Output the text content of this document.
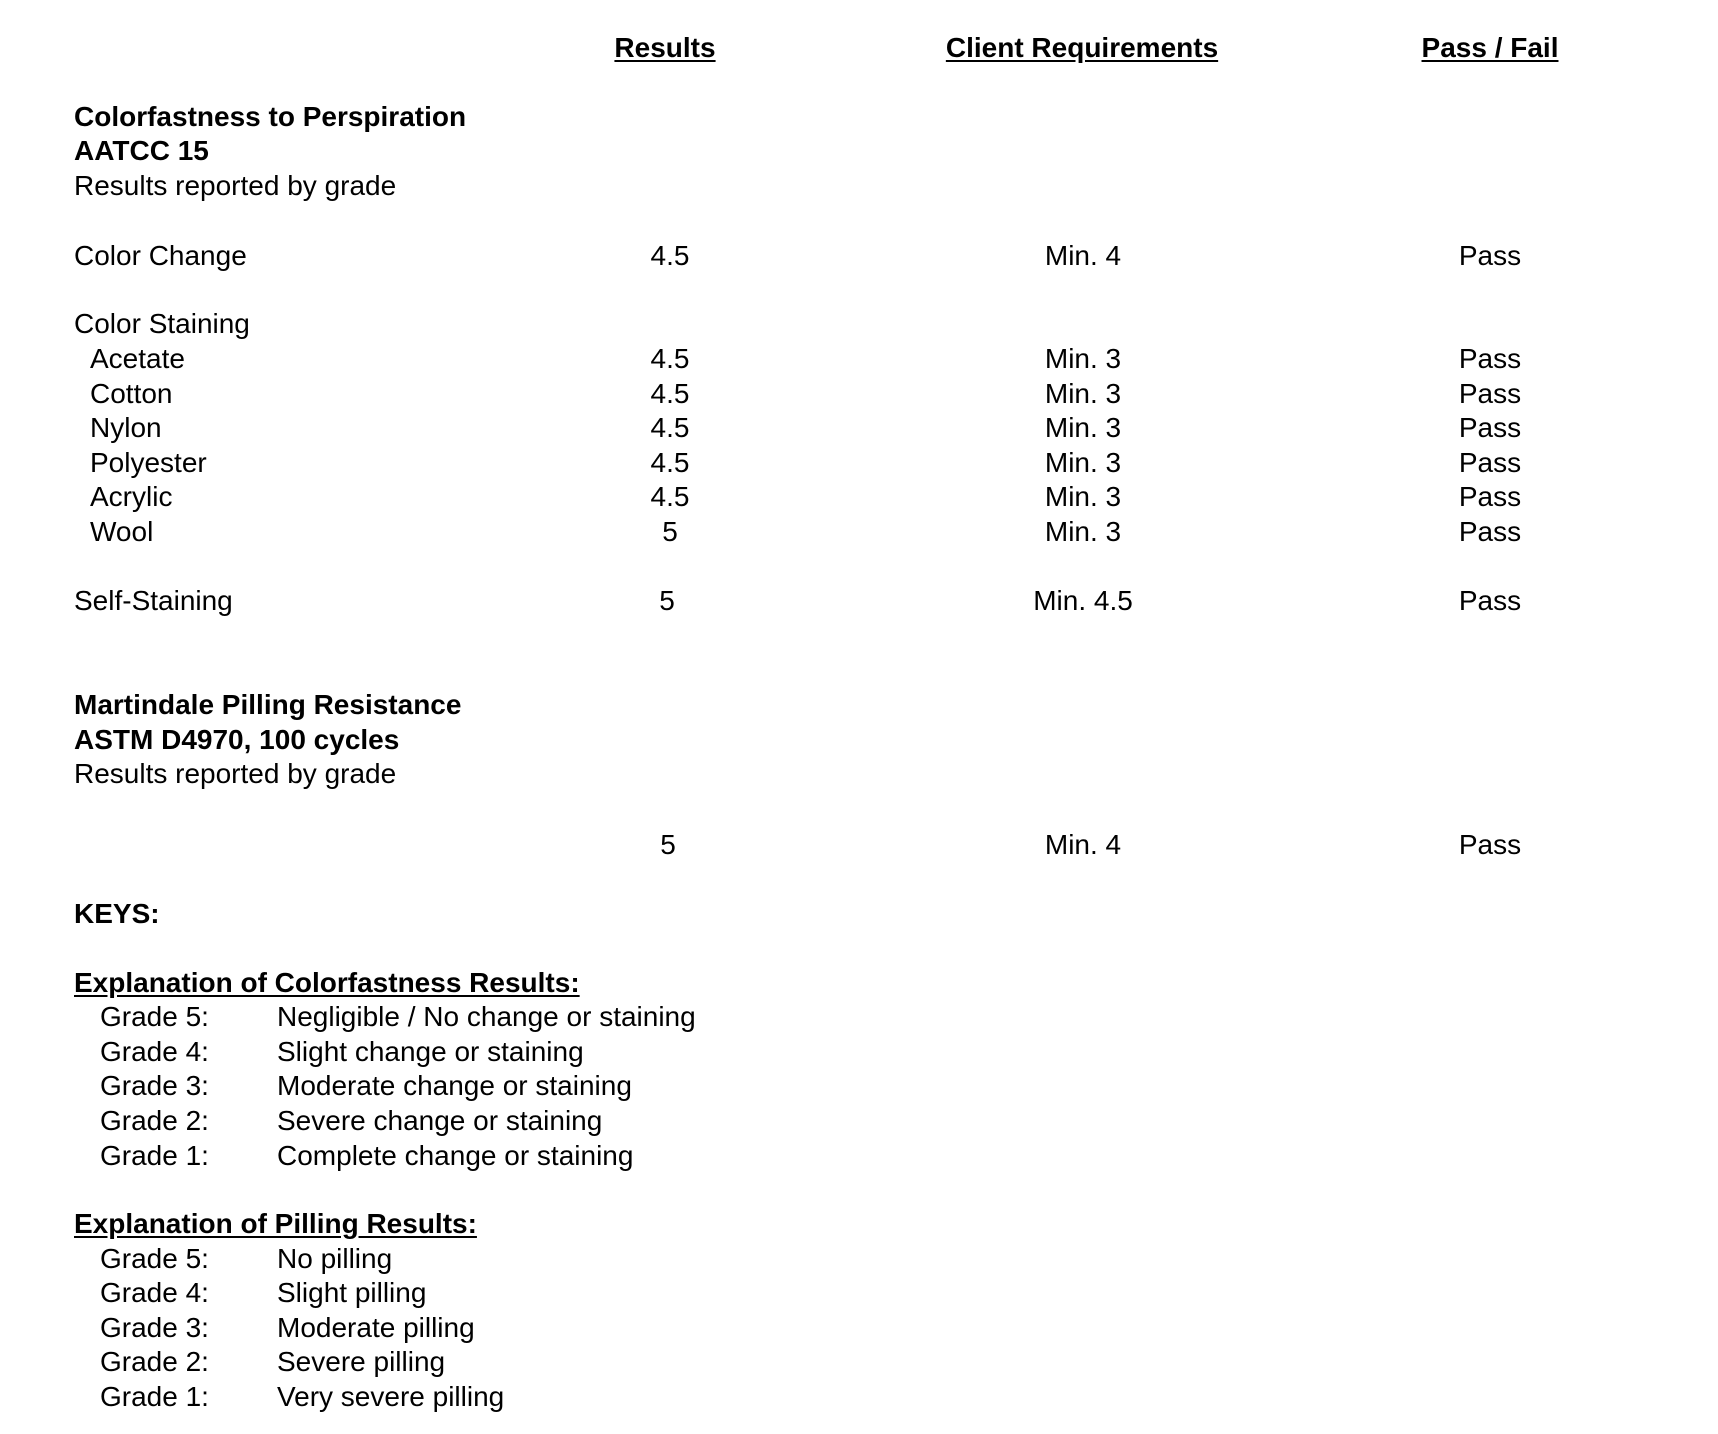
Results	Client Requirements	Pass / Fail
Colorfastness to Perspiration
AATCC 15
Results reported by grade
Color Change	4.5	Min. 4	Pass
Color Staining
Acetate	4.5	Min. 3	Pass
Cotton	4.5	Min. 3	Pass
Nylon	4.5	Min. 3	Pass
Polyester	4.5	Min. 3	Pass
Acrylic	4.5	Min. 3	Pass
Wool	5	Min. 3	Pass
Self-Staining	5	Min. 4.5	Pass
Martindale Pilling Resistance
ASTM D4970, 100 cycles
Results reported by grade
5	Min. 4	Pass
KEYS:
Explanation of Colorfastness Results:
Grade 5: Negligible / No change or staining
Grade 4: Slight change or staining
Grade 3: Moderate change or staining
Grade 2: Severe change or staining
Grade 1: Complete change or staining
Explanation of Pilling Results:
Grade 5: No pilling
Grade 4: Slight pilling
Grade 3: Moderate pilling
Grade 2: Severe pilling
Grade 1: Very severe pilling
